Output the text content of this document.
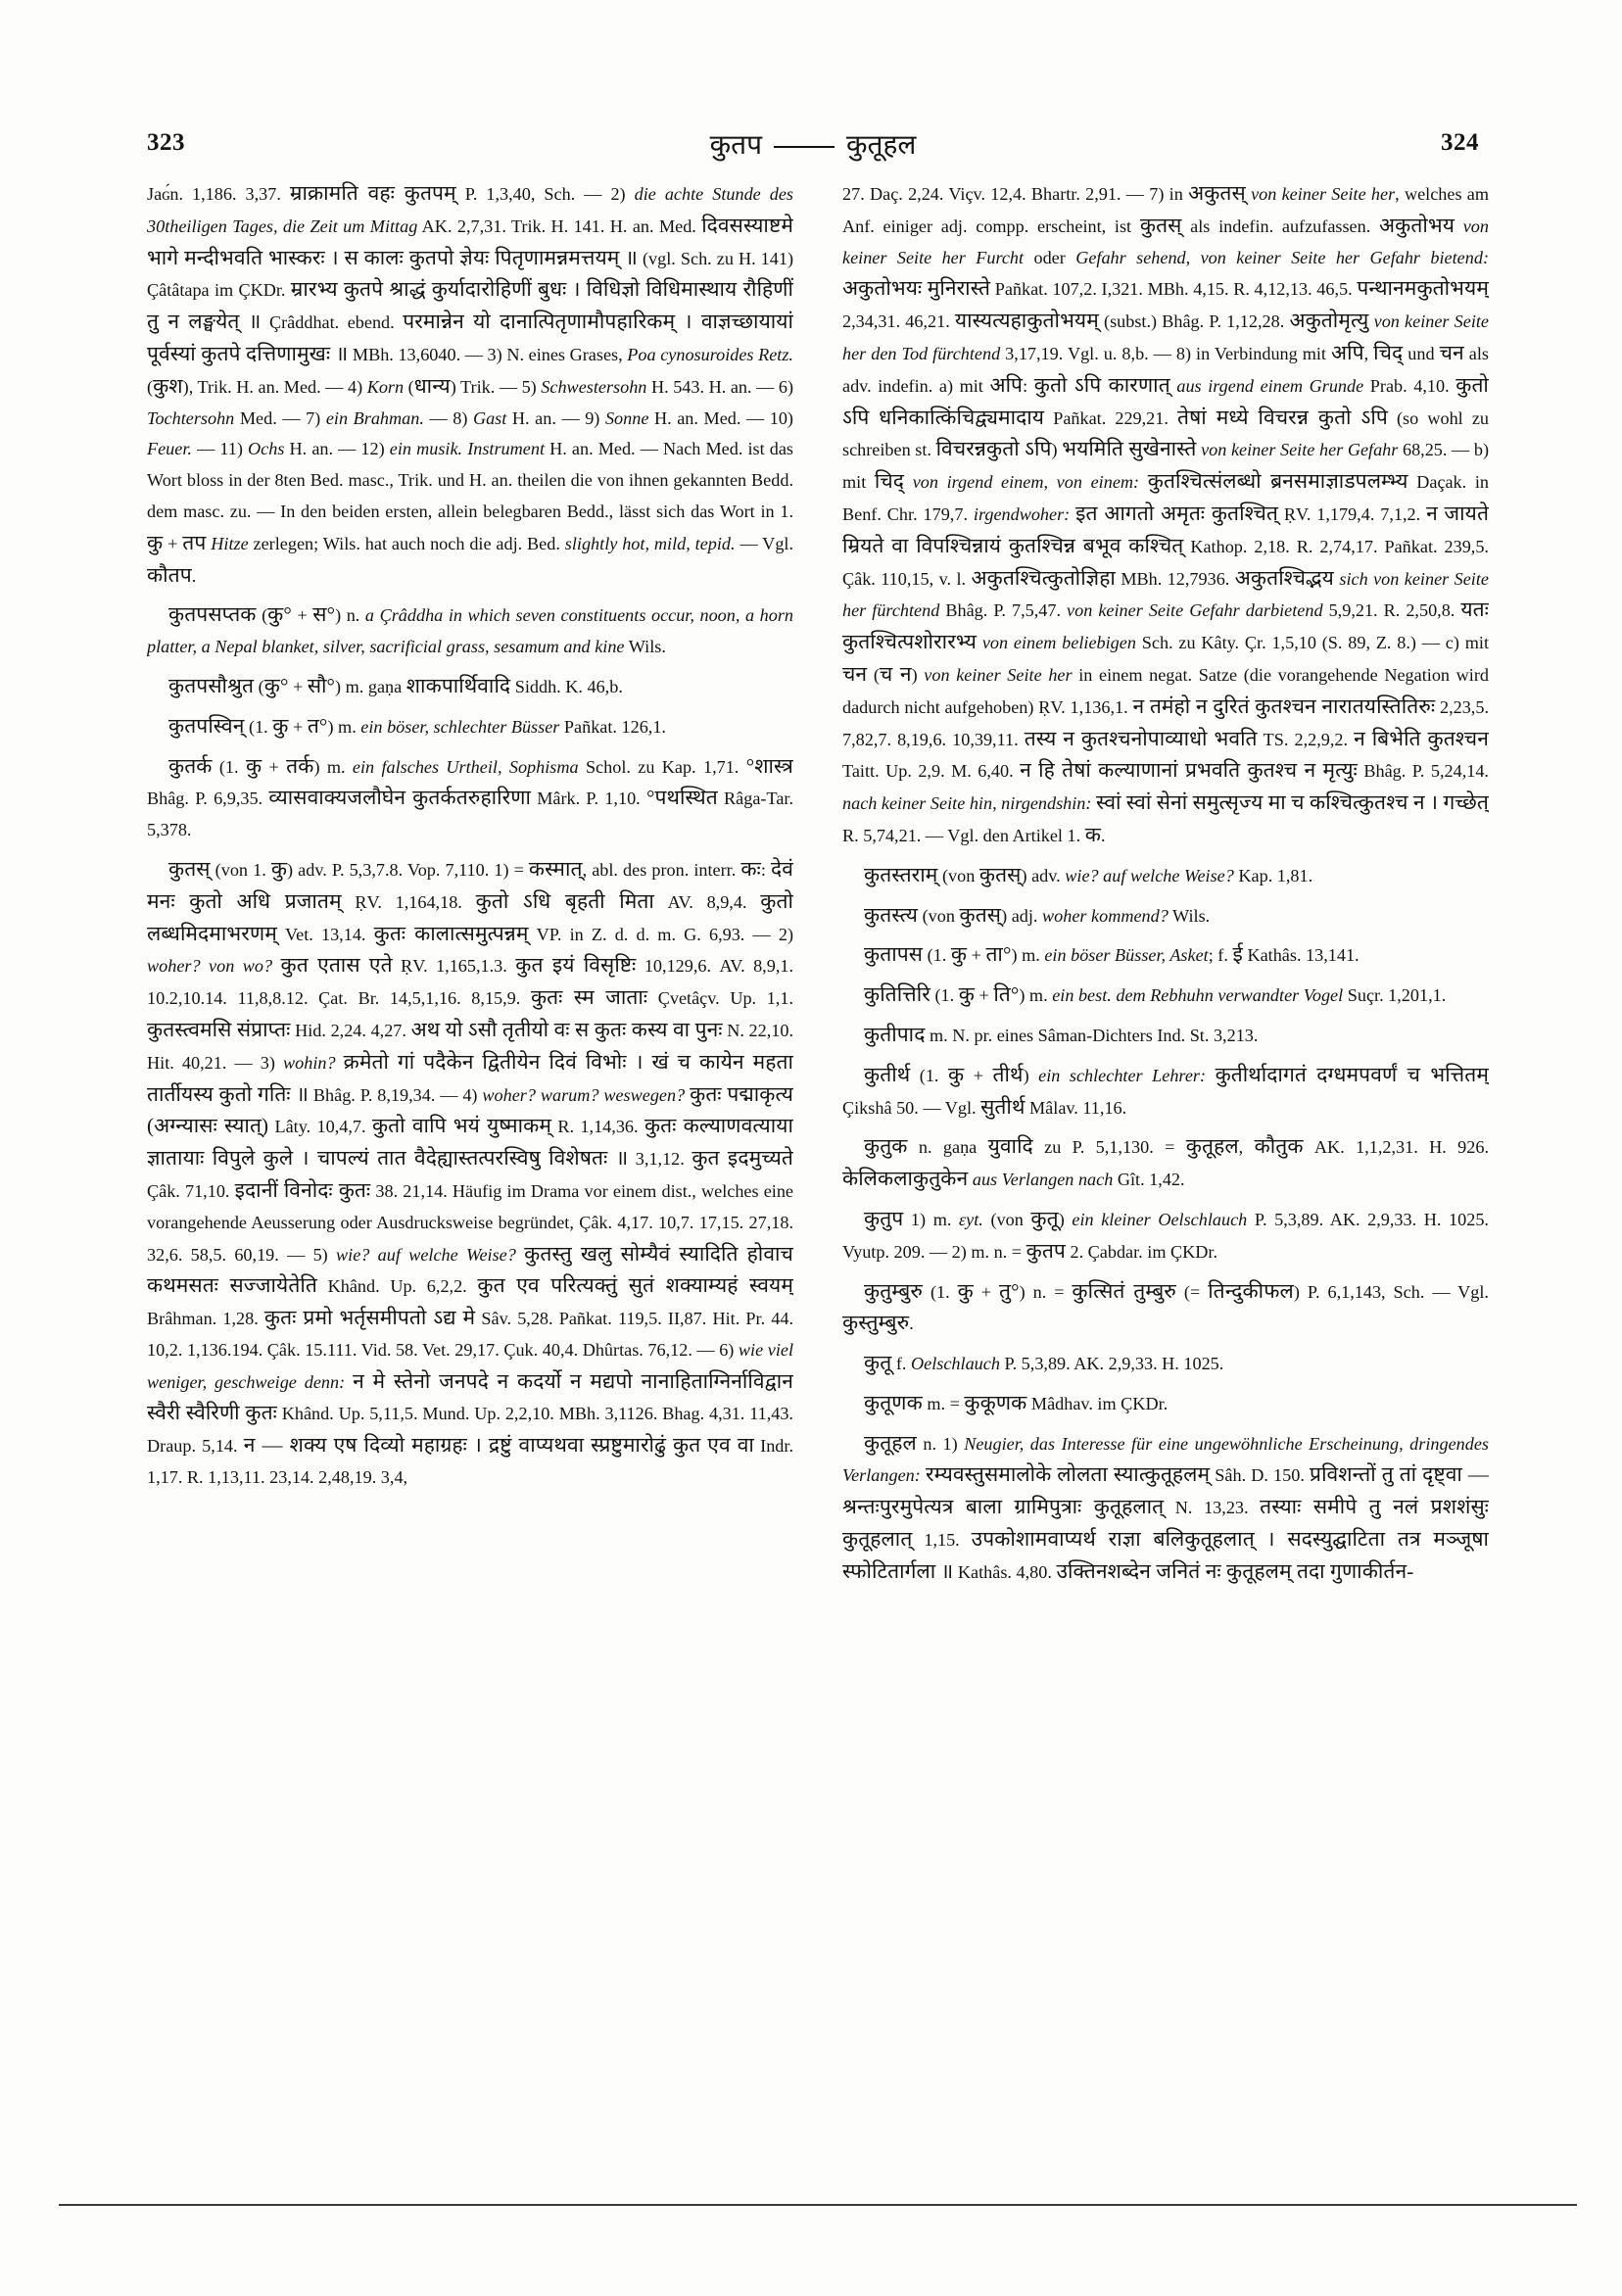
323	कुतप	कुतूहल	324

Jaɢ́n. 1,186. 3,37. म्राक्रामति वहः कुतपम् P. 1,3,40, Sch. — 2) die achte Stunde des 30theiligen Tages, die Zeit um Mittag AK. 2,7,31. Trik. H. 141. H. an. Med. दिवसस्याष्टमे भागे मन्दीभवति भास्करः । स कालः कुतपो ज्ञेयः पितृणामन्नमत्तयम् ॥ (vgl. Sch. zu H. 141) Çâtâtapa im ÇKDr. म्रारभ्य कुतपे श्राद्धं कुर्यादारोहिणीं बुधः । विधिज्ञो विधिमास्थाय रौहिणीं तु न लङ्घयेत् ॥ Çrâddhat. ebend. परमान्नेन यो दानात्पितृणामौपहारिकम् । वाज्ञच्छायायां पूर्वस्यां कुतपे दत्तिणामुखः ॥ MBh. 13,6040. — 3) N. eines Grases, Poa cynosuroides Retz. (कुश), Trik. H. an. Med. — 4) Korn (धान्य) Trik. — 5) Schwestersohn H. 543. H. an. — 6) Tochtersohn Med. — 7) ein Brahman. — 8) Gast H. an. — 9) Sonne H. an. Med. — 10) Feuer. — 11) Ochs H. an. — 12) ein musik. Instrument H. an. Med. — Nach Med. ist das Wort bloss in der 8ten Bed. masc., Trik. und H. an. theilen die von ihnen gekannten Bedd. dem masc. zu. — In den beiden ersten, allein belegbaren Bedd., lässt sich das Wort in 1. कु + तप Hitze zerlegen; Wils. hat auch noch die adj. Bed. slightly hot, mild, tepid. — Vgl. कौतप.

कुतपसप्तक (कु° + स°) n. a Çrâddha in which seven constituents occur, noon, a horn platter, a Nepal blanket, silver, sacrificial grass, sesamum and kine Wils.

कुतपसौश्रुत (कु° + सौ°) m. gaṇa शाकपार्थिवादि Siddh. K. 46,b.

कुतपस्विन् (1. कु + त°) m. ein böser, schlechter Büsser Pañkat. 126,1.

कुतर्क (1. कु + तर्क) m. ein falsches Urtheil, Sophisma Schol. zu Kap. 1,71. °शास्त्र Bhâg. P. 6,9,35. व्यासवाक्यजलौघेन कुतर्कतरुहारिणा Mârk. P. 1,10. °पथस्थित Râga-Tar. 5,378.

कुतस् (von 1. कु) adv. P. 5,3,7.8. Vop. 7,110. 1) = कस्मात्, abl. des pron. interr. कः: देवं मनः कुतो अधि प्रजातम् ṚV. 1,164,18. कुतो ऽधि बृहती मिता AV. 8,9,4. कुतो लब्धमिदमाभरणम् Vet. 13,14. कुतः कालात्समुत्पन्नम् VP. in Z. d. d. m. G. 6,93. — 2) woher? von wo? कुत एतास एते ṚV. 1,165,1.3. कुत इयं विसृष्टिः 10,129,6. AV. 8,9,1. 10.2,10.14. 11,8,8.12. Çat. Br. 14,5,1,16. 8,15,9. कुतः स्म जाताः Çvetâçv. Up. 1,1. कुतस्त्वमसि संप्राप्तः Hid. 2,24. 4,27. अथ यो ऽसौ तृतीयो वः स कुतः कस्य वा पुनः N. 22,10. Hit. 40,21. — 3) wohin? क्रमेतो गां पदैकेन द्वितीयेन दिवं विभोः । खं च कायेन महता तार्तीयस्य कुतो गतिः ॥ Bhâg. P. 8,19,34. — 4) woher? warum? weswegen? कुतः पद्माकृत्य (अग्न्यासः स्यात्) Lâty. 10,4,7. कुतो वापि भयं युष्माकम् R. 1,14,36. कुतः कल्याणवत्याया ज्ञातायाः विपुले कुले । चापल्यं तात वैदेह्यास्तत्परस्विषु विशेषतः ॥ 3,1,12. कुत इदमुच्यते Çâk. 71,10. इदानीं विनोदः कुतः 38. 21,14. Häufig im Drama vor einem dist., welches eine vorangehende Aeusserung oder Ausdrucksweise begründet, Çâk. 4,17. 10,7. 17,15. 27,18. 32,6. 58,5. 60,19. — 5) wie? auf welche Weise? कुतस्तु खलु सोम्यैवं स्यादिति होवाच कथमसतः सज्जायेतेति Khând. Up. 6,2,2. कुत एव परित्यक्तुं सुतं शक्याम्यहं स्वयम् Brâhman. 1,28. कुतः प्रमो भर्तृसमीपतो ऽद्य मे Sâv. 5,28. Pañkat. 119,5. II,87. Hit. Pr. 44. 10,2. 1,136.194. Çâk. 15.111. Vid. 58. Vet. 29,17. Çuk. 40,4. Dhûrtas. 76,12. — 6) wie viel weniger, geschweige denn: न मे स्तेनो जनपदे न कदर्यो न मद्यपो नानाहिताग्निर्नाविद्वान स्वैरी स्वैरिणी कुतः Khând. Up. 5,11,5. Mund. Up. 2,2,10. MBh. 3,1126. Bhag. 4,31. 11,43. Draup. 5,14. न — शक्य एष दिव्यो महाग्रहः । द्रष्टुं वाप्यथवा स्प्रष्टुमारोढुं कुत एव वा Indr. 1,17. R. 1,13,11. 23,14. 2,48,19. 3,4,

27. Daç. 2,24. Viçv. 12,4. Bhartr. 2,91. — 7) in अकुतस् von keiner Seite her, welches am Anf. einiger adj. compp. erscheint, ist कुतस् als indefin. aufzufassen. अकुतोभय von keiner Seite her Furcht oder Gefahr sehend, von keiner Seite her Gefahr bietend: अकुतोभयः मुनिरास्ते Pañkat. 107,2. I,321. MBh. 4,15. R. 4,12,13. 46,5. पन्थानमकुतोभयम् 2,34,31. 46,21. यास्यत्यहाकुतोभयम् (subst.) Bhâg. P. 1,12,28. अकुतोमृत्यु von keiner Seite her den Tod fürchtend 3,17,19. Vgl. u. 8,b. — 8) in Verbindung mit अपि, चिद् und चन als adv. indefin. a) mit अपि: कुतो ऽपि कारणात् aus irgend einem Grunde Prab. 4,10. कुतो ऽपि धनिकात्किंचिद्व्यमादाय Pañkat. 229,21. तेषां मध्ये विचरन्न कुतो ऽपि (so wohl zu schreiben st. विचरन्नकुतो ऽपि) भयमिति सुखेनास्ते von keiner Seite her Gefahr 68,25. — b) mit चिद् von irgend einem, von einem: कुतश्चित्संलब्धो ब्रनसमाज्ञाडपलम्भ्य Daçak. in Benf. Chr. 179,7. irgendwoher: इत आगतो अमृतः कुतश्चित् ṚV. 1,179,4. 7,1,2. न जायते म्रियते वा विपश्चिन्नायं कुतश्चिन्न बभूव कश्चित् Kathop. 2,18. R. 2,74,17. Pañkat. 239,5. Çâk. 110,15, v. l. अकुतश्चित्कुतोज्ञिहा MBh. 12,7936. अकुतश्चिद्भय sich von keiner Seite her fürchtend Bhâg. P. 7,5,47. von keiner Seite Gefahr darbietend 5,9,21. R. 2,50,8. यतः कुतश्चित्पशोरारभ्य von einem beliebigen Sch. zu Kâty. Çr. 1,5,10 (S. 89, Z. 8.) — c) mit चन (च न) von keiner Seite her in einem negat. Satze (die vorangehende Negation wird dadurch nicht aufgehoben) ṚV. 1,136,1. न तमंहो न दुरितं कुतश्चन नारातयस्तितिरुः 2,23,5. 7,82,7. 8,19,6. 10,39,11. तस्य न कुतश्चनोपाव्याधो भवति TS. 2,2,9,2. न बिभेति कुतश्चन Taitt. Up. 2,9. M. 6,40. न हि तेषां कल्याणानां प्रभवति कुतश्च न मृत्युः Bhâg. P. 5,24,14. nach keiner Seite hin, nirgendshin: स्वां स्वां सेनां समुत्सृज्य मा च कश्चित्कुतश्च न । गच्छेत् R. 5,74,21. — Vgl. den Artikel 1. क.

कुतस्तराम् (von कुतस्) adv. wie? auf welche Weise? Kap. 1,81.

कुतस्त्य (von कुतस्) adj. woher kommend? Wils.

कुतापस (1. कु + ता°) m. ein böser Büsser, Asket; f. ई Kathâs. 13,141.

कुतित्तिरि (1. कु + ति°) m. ein best. dem Rebhuhn verwandter Vogel Suçr. 1,201,1.

कुतीपाद m. N. pr. eines Sâman-Dichters Ind. St. 3,213.

कुतीर्थ (1. कु + तीर्थ) ein schlechter Lehrer: कुतीर्थादागतं दग्धमपवर्णं च भत्तितम् Çikshâ 50. — Vgl. सुतीर्थ Mâlav. 11,16.

कुतुक n. gaṇa युवादि zu P. 5,1,130. = कुतूहल, कौतुक AK. 1,1,2,31. H. 926. केलिकलाकुतुकेन aus Verlangen nach Gît. 1,42.

कुतुप 1) m. ɛyt. (von कुतू) ein kleiner Oelschlauch P. 5,3,89. AK. 2,9,33. H. 1025. Vyutp. 209. — 2) m. n. = कुतप 2. Çabdar. im ÇKDr.

कुतुम्बुरु (1. कु + तु°) n. = कुत्सितं तुम्बुरु (= तिन्दुकीफल) P. 6,1,143, Sch. — Vgl. कुस्तुम्बुरु.

कुतू f. Oelschlauch P. 5,3,89. AK. 2,9,33. H. 1025.

कुतूणक m. = कुकूणक Mâdhav. im ÇKDr.

कुतूहल n. 1) Neugier, das Interesse für eine ungewöhnliche Erscheinung, dringendes Verlangen: रम्यवस्तुसमालोके लोलता स्यात्कुतूहलम् Sâh. D. 150. प्रविशन्तों तु तां दृष्ट्वा — श्रन्तःपुरमुपेत्यत्र बाला ग्रामिपुत्राः कुतूहलात् N. 13,23. तस्याः समीपे तु नलं प्रशशंसुः कुतूहलात् 1,15. उपकोशामवाप्यर्थ राज्ञा बलिकुतूहलात् । सदस्युद्घाटिता तत्र मञ्जूषा स्फोटितार्गला ॥ Kathâs. 4,80. उक्तिनशब्देन जनितं नः कुतूहलम् तदा गुणाकीर्तन-
